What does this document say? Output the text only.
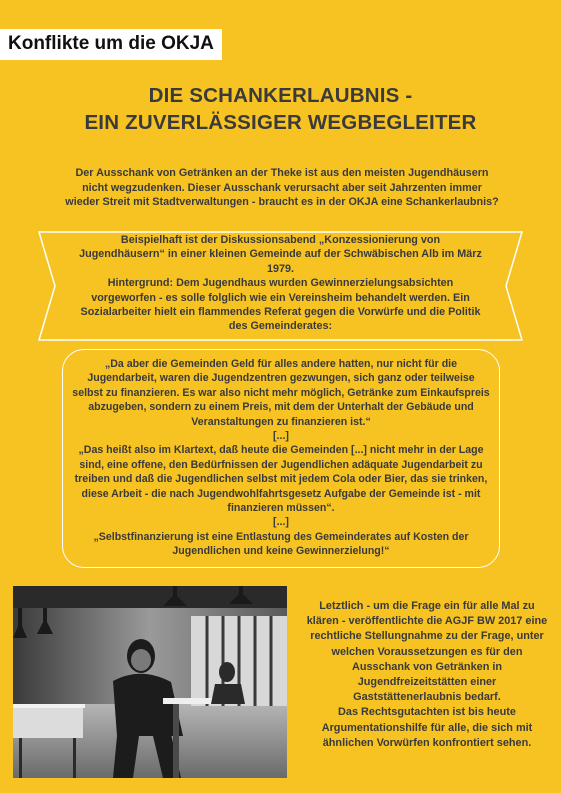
Konflikte um die OKJA
DIE SCHANKERLAUBNIS -
EIN ZUVERLÄSSIGER WEGBEGLEITER
Der Ausschank von Getränken an der Theke ist aus den meisten Jugendhäusern nicht wegzudenken. Dieser Ausschank verursacht aber seit Jahrzenten immer wieder Streit mit Stadtverwaltungen - braucht es in der OKJA eine Schankerlaubnis?

Beispielhaft ist der Diskussionsabend „Konzessionierung von Jugendhäusern“ in einer kleinen Gemeinde auf der Schwäbischen Alb im März 1979.

Hintergrund: Dem Jugendhaus wurden Gewinnerzielungsabsichten vorgeworfen - es solle folglich wie ein Vereinsheim behandelt werden. Ein Sozialarbeiter hielt ein flammendes Referat gegen die Vorwürfe und die Politik des Gemeinderates:

„Da aber die Gemeinden Geld für alles andere hatten, nur nicht für die Jugendarbeit, waren die Jugendzentren gezwungen, sich ganz oder teilweise selbst zu finanzieren. Es war also nicht mehr möglich, Getränke zum Einkaufspreis abzugeben, sondern zu einem Preis, mit dem der Unterhalt der Gebäude und Veranstaltungen zu finanzieren ist.“

[...]

„Das heißt also im Klartext, daß heute die Gemeinden [...] nicht mehr in der Lage sind, eine offene, den Bedürfnissen der Jugendlichen adäquate Jugendarbeit zu treiben und daß die Jugendlichen selbst mit jedem Cola oder Bier, das sie trinken, diese Arbeit - die nach Jugendwohlfahrtsgesetz Aufgabe der Gemeinde ist - mit finanzieren müssen“.

[...]

„Selbstfinanzierung ist eine Entlastung des Gemeinderates auf Kosten der Jugendlichen und keine Gewinnerzielung!“

Letztlich - um die Frage ein für alle Mal zu klären - veröffentlichte die AGJF BW 2017 eine rechtliche Stellungnahme zu der Frage, unter welchen Voraussetzungen es für den Ausschank von Getränken in Jugendfreizeitstätten einer Gaststättenerlaubnis bedarf.

Das Rechtsgutachten ist bis heute Argumentationshilfe für alle, die sich mit ähnlichen Vorwürfen konfrontiert sehen.
